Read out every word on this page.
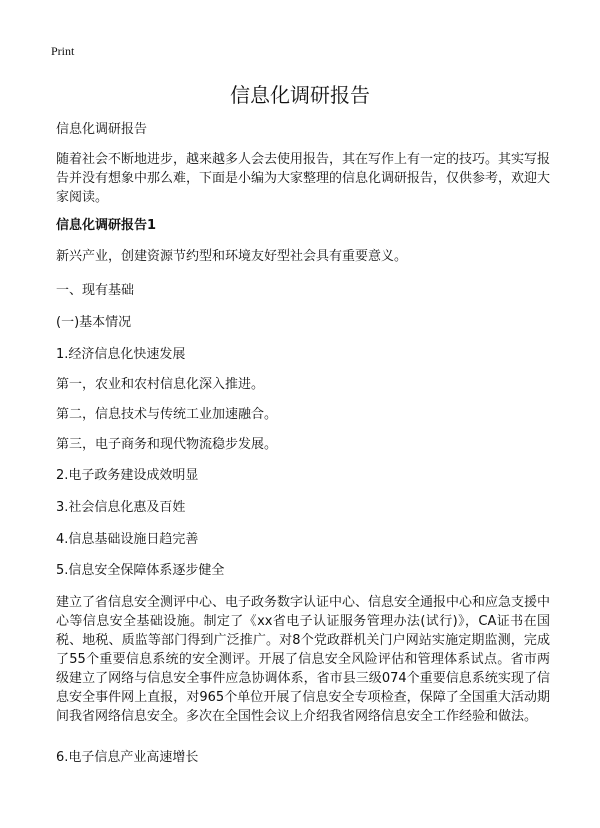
Print
信息化调研报告
信息化调研报告
随着社会不断地进步，越来越多人会去使用报告，其在写作上有一定的技巧。其实写报告并没有想象中那么难，下面是小编为大家整理的信息化调研报告，仅供参考，欢迎大家阅读。
信息化调研报告1
新兴产业，创建资源节约型和环境友好型社会具有重要意义。
一、现有基础
(一)基本情况
1.经济信息化快速发展
第一，农业和农村信息化深入推进。
第二，信息技术与传统工业加速融合。
第三，电子商务和现代物流稳步发展。
2.电子政务建设成效明显
3.社会信息化惠及百姓
4.信息基础设施日趋完善
5.信息安全保障体系逐步健全
建立了省信息安全测评中心、电子政务数字认证中心、信息安全通报中心和应急支援中心等信息安全基础设施。制定了《xx省电子认证服务管理办法(试行)》，CA证书在国税、地税、质监等部门得到广泛推广。对8个党政群机关门户网站实施定期监测，完成了55个重要信息系统的安全测评。开展了信息安全风险评估和管理体系试点。省市两级建立了网络与信息安全事件应急协调体系，省市县三级074个重要信息系统实现了信息安全事件网上直报，对965个单位开展了信息安全专项检查，保障了全国重大活动期间我省网络信息安全。多次在全国性会议上介绍我省网络信息安全工作经验和做法。
6.电子信息产业高速增长
